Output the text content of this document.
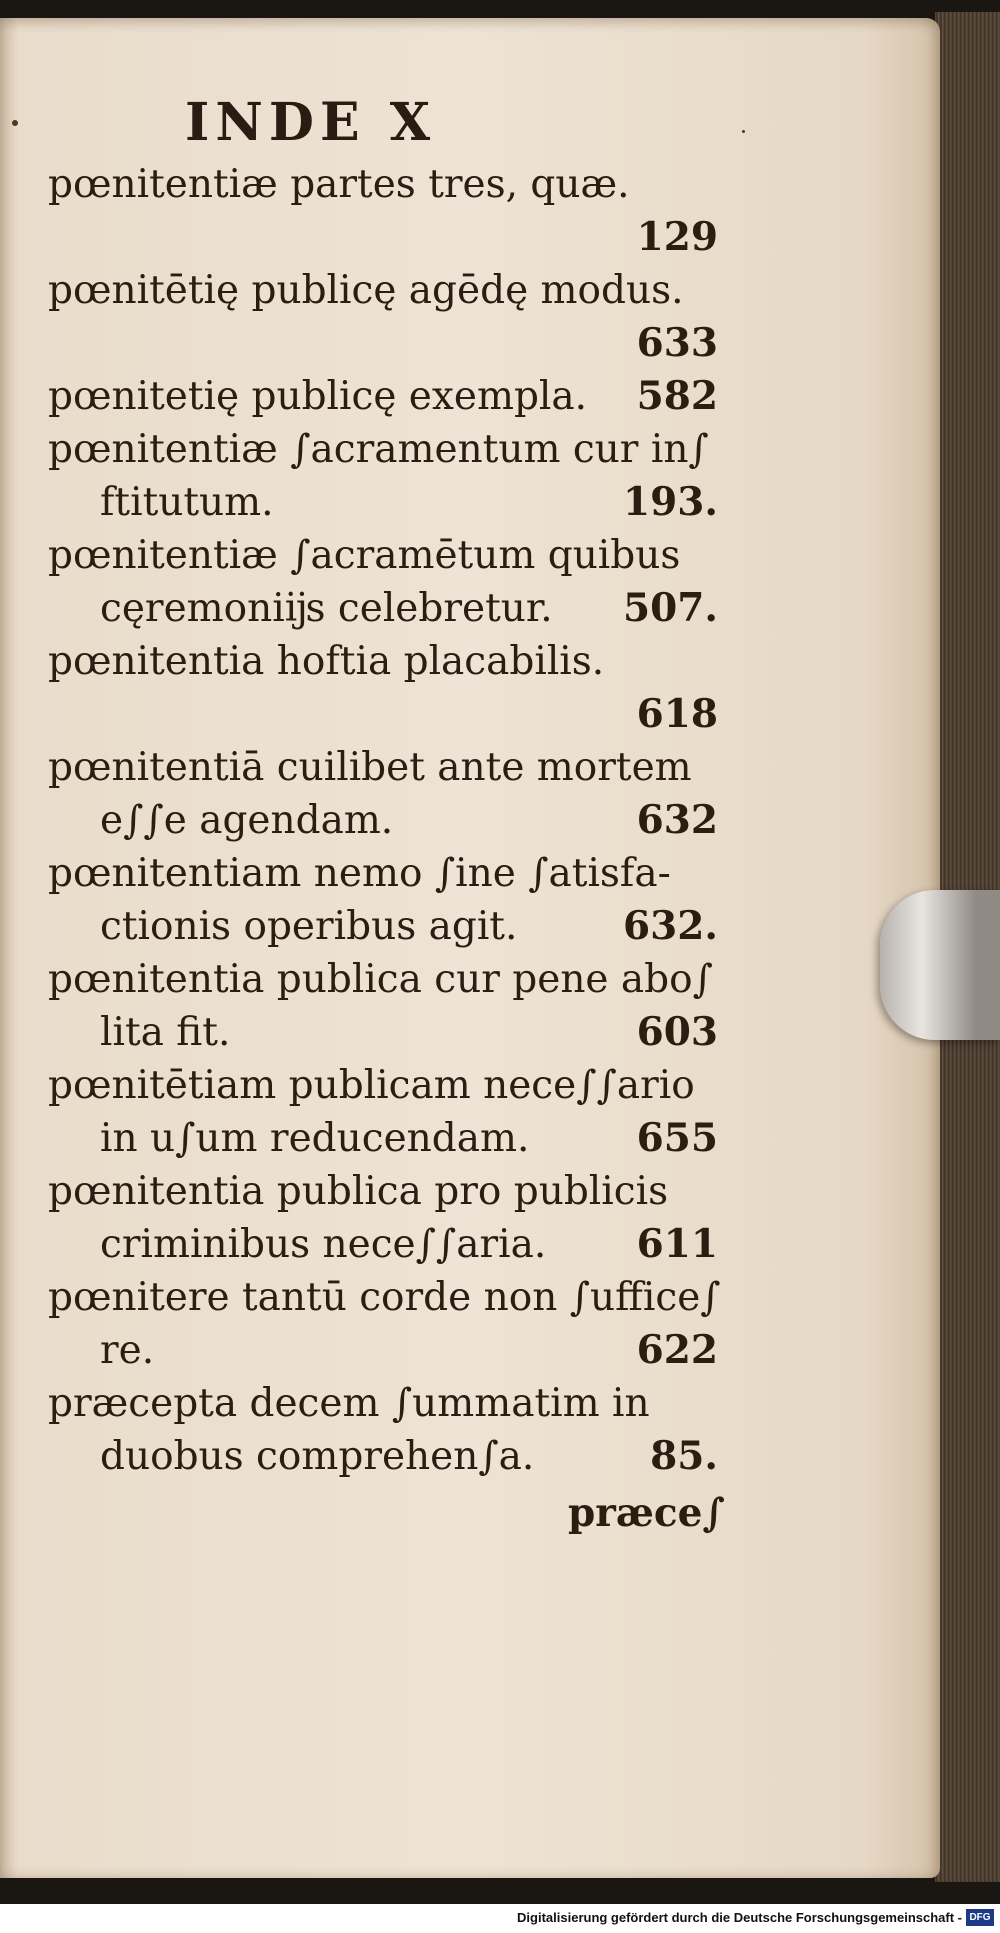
INDE X
pœnitentiæ partes tres, quæ.
129
pœnitētię publicę agēdę modus.
633
pœnitetię publicę exempla.	582
pœnitentiæ ∫acramentum cur in∫
ftitutum.	193.
pœnitentiæ ∫acramētum quibus
cęremoniĳs celebretur.	507.
pœnitentia hoftia placabilis.
618
pœnitentiā cuilibet ante mortem
e∫∫e agendam.	632
pœnitentiam nemo ∫ine ∫atisfa-
ctionis operibus agit.	632.
pœnitentia publica cur pene abo∫
lita fit.	603
pœnitētiam publicam nece∫∫ario
in u∫um reducendam.	655
pœnitentia publica pro publicis
criminibus nece∫∫aria.	611
pœnitere tantū corde non ∫uffice∫
re.	622
præcepta decem ∫ummatim in
duobus comprehen∫a.	85.
præce∫
Digitalisierung gefördert durch die Deutsche Forschungsgemeinschaft - DFG
